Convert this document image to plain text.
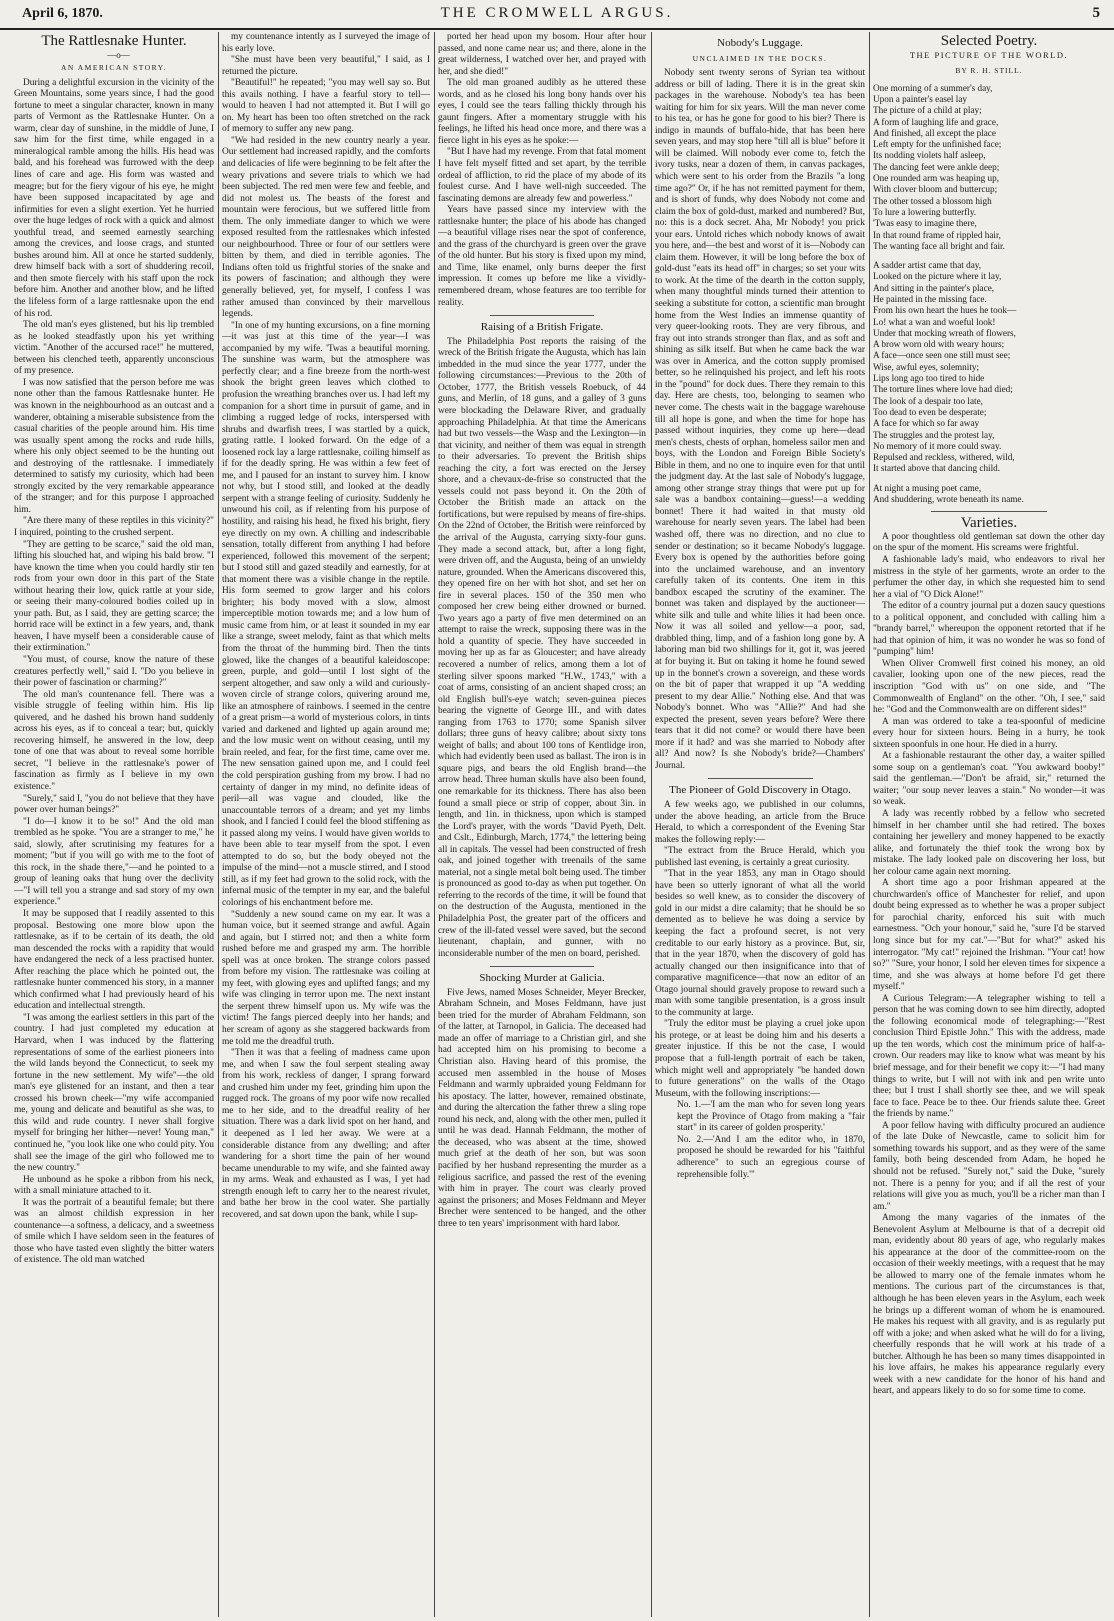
April 6, 1870.	THE CROMWELL ARGUS.	5
The Rattlesnake Hunter.

—o—

AN AMERICAN STORY.

During a delightful excursion in the vicinity of the Green Mountains, some years since, I had the good fortune to meet a singular character, known in many parts of Vermont as the Rattlesnake Hunter. On a warm, clear day of sunshine, in the middle of June, I saw him for the first time, while engaged in a mineralogical ramble among the hills. His head was bald, and his forehead was furrowed with the deep lines of care and age. His form was wasted and meagre; but for the fiery vigour of his eye, he might have been supposed incapacitated by age and infirmities for even a slight exertion. Yet he hurried over the huge ledges of rock with a quick and almost youthful tread, and seemed earnestly searching among the crevices, and loose crags, and stunted bushes around him. All at once he started suddenly, drew himself back with a sort of shuddering recoil, and then smote fiercely with his staff upon the rock before him. Another and another blow, and he lifted the lifeless form of a large rattlesnake upon the end of his rod.

The old man's eyes glistened, but his lip trembled as he looked steadfastly upon his yet writhing victim. "Another of the accursed race!" he muttered, between his clenched teeth, apparently unconscious of my presence.

I was now satisfied that the person before me was none other than the famous Rattlesnake hunter. He was known in the neighbourhood as an outcast and a wanderer, obtaining a miserable subsistence from the casual charities of the people around him. His time was usually spent among the rocks and rude hills, where his only object seemed to be the hunting out and destroying of the rattlesnake. I immediately determined to satisfy my curiosity, which had been strongly excited by the very remarkable appearance of the stranger; and for this purpose I approached him.

"Are there many of these reptiles in this vicinity?" I inquired, pointing to the crushed serpent.

"They are getting to be scarce," said the old man, lifting his slouched hat, and wiping his bald brow. "I have known the time when you could hardly stir ten rods from your own door in this part of the State without hearing their low, quick rattle at your side, or seeing their many-coloured bodies coiled up in your path. But, as I said, they are getting scarce; the horrid race will be extinct in a few years, and, thank heaven, I have myself been a considerable cause of their extirmination."

"You must, of course, know the nature of these creatures perfectly well," said I. "Do you believe in their power of fascination or charming?"

The old man's countenance fell. There was a visible struggle of feeling within him. His lip quivered, and he dashed his brown hand suddenly across his eyes, as if to conceal a tear; but, quickly recovering himself, he answered in the low, deep tone of one that was about to reveal some horrible secret, "I believe in the rattlesnake's power of fascination as firmly as I believe in my own existence."

"Surely," said I, "you do not believe that they have power over human beings?"

"I do—I know it to be so!" And the old man trembled as he spoke. "You are a stranger to me," he said, slowly, after scrutinising my features for a moment; "but if you will go with me to the foot of this rock, in the shade there,"—and he pointed to a group of leaning oaks that hung over the declivity—"I will tell you a strange and sad story of my own experience."

It may be supposed that I readily assented to this proposal. Bestowing one more blow upon the rattlesnake, as if to be certain of its death, the old man descended the rocks with a rapidity that would have endangered the neck of a less practised hunter. After reaching the place which he pointed out, the rattlesnake hunter commenced his story, in a manner which confirmed what I had previously heard of his education and intellectual strength.

"I was among the earliest settlers in this part of the country. I had just completed my education at Harvard, when I was induced by the flattering representations of some of the earliest pioneers into the wild lands beyond the Connecticut, to seek my fortune in the new settlement. My wife"—the old man's eye glistened for an instant, and then a tear crossed his brown cheek—"my wife accompanied me, young and delicate and beautiful as she was, to this wild and rude country. I never shall forgive myself for bringing her hither—never! Young man," continued he, "you look like one who could pity. You shall see the image of the girl who followed me to the new country."

He unbound as he spoke a ribbon from his neck, with a small miniature attached to it.

It was the portrait of a beautiful female; but there was an almost childish expression in her countenance—a softness, a delicacy, and a sweetness of smile which I have seldom seen in the features of those who have tasted even slightly the bitter waters of existence. The old man watched

my countenance intently as I surveyed the image of his early love.

"She must have been very beautiful," I said, as I returned the picture.

"Beautiful!" he repeated; "you may well say so. But this avails nothing. I have a fearful story to tell—would to heaven I had not attempted it. But I will go on. My heart has been too often stretched on the rack of memory to suffer any new pang.

"We had resided in the new country nearly a year. Our settlement had increased rapidly, and the comforts and delicacies of life were beginning to be felt after the weary privations and severe trials to which we had been subjected. The red men were few and feeble, and did not molest us. The beasts of the forest and mountain were ferocious, but we suffered little from them. The only immediate danger to which we were exposed resulted from the rattlesnakes which infested our neighbourhood. Three or four of our settlers were bitten by them, and died in terrible agonies. The Indians often told us frightful stories of the snake and its powers of fascination; and although they were generally believed, yet, for myself, I confess I was rather amused than convinced by their marvellous legends.

"In one of my hunting excursions, on a fine morning—it was just at this time of the year—I was accompanied by my wife. 'Twas a beautiful morning. The sunshine was warm, but the atmosphere was perfectly clear; and a fine breeze from the north-west shook the bright green leaves which clothed to profusion the wreathing branches over us. I had left my companion for a short time in pursuit of game, and in climbing a rugged ledge of rocks, interspersed with shrubs and dwarfish trees, I was startled by a quick, grating rattle. I looked forward. On the edge of a loosened rock lay a large rattlesnake, coiling himself as if for the deadly spring. He was within a few feet of me, and I paused for an instant to survey him. I know not why, but I stood still, and looked at the deadly serpent with a strange feeling of curiosity. Suddenly he unwound his coil, as if relenting from his purpose of hostility, and raising his head, he fixed his bright, fiery eye directly on my own. A chilling and indescribable sensation, totally different from anything I had before experienced, followed this movement of the serpent; but I stood still and gazed steadily and earnestly, for at that moment there was a visible change in the reptile. His form seemed to grow larger and his colors brighter; his body moved with a slow, almost imperceptible motion towards me; and a low hum of music came from him, or at least it sounded in my ear like a strange, sweet melody, faint as that which melts from the throat of the humming bird. Then the tints glowed, like the changes of a beautiful kaleidoscope: green, purple, and gold—until I lost sight of the serpent altogether, and saw only a wild and curiously-woven circle of strange colors, quivering around me, like an atmosphere of rainbows. I seemed in the centre of a great prism—a world of mysterious colors, in tints varied and darkened and lighted up again around me; and the low music went on without ceasing, until my brain reeled, and fear, for the first time, came over me. The new sensation gained upon me, and I could feel the cold perspiration gushing from my brow. I had no certainty of danger in my mind, no definite ideas of peril—all was vague and clouded, like the unaccountable terrors of a dream; and yet my limbs shook, and I fancied I could feel the blood stiffening as it passed along my veins. I would have given worlds to have been able to tear myself from the spot. I even attempted to do so, but the body obeyed not the impulse of the mind—not a muscle stirred, and I stood still, as if my feet had grown to the solid rock, with the infernal music of the tempter in my ear, and the baleful colorings of his enchantment before me.

"Suddenly a new sound came on my ear. It was a human voice, but it seemed strange and awful. Again and again, but I stirred not; and then a white form rushed before me and grasped my arm. The horrible spell was at once broken. The strange colors passed from before my vision. The rattlesnake was coiling at my feet, with glowing eyes and uplifted fangs; and my wife was clinging in terror upon me. The next instant the serpent threw himself upon us. My wife was the victim! The fangs pierced deeply into her hands; and her scream of agony as she staggered backwards from me told me the dreadful truth.

"Then it was that a feeling of madness came upon me, and when I saw the foul serpent stealing away from his work, reckless of danger, I sprang forward and crushed him under my feet, grinding him upon the rugged rock. The groans of my poor wife now recalled me to her side, and to the dreadful reality of her situation. There was a dark livid spot on her hand, and it deepened as I led her away. We were at a considerable distance from any dwelling; and after wandering for a short time the pain of her wound became unendurable to my wife, and she fainted away in my arms. Weak and exhausted as I was, I yet had strength enough left to carry her to the nearest rivulet, and bathe her brow in the cool water. She partially recovered, and sat down upon the bank, while I sup-

ported her head upon my bosom. Hour after hour passed, and none came near us; and there, alone in the great wilderness, I watched over her, and prayed with her, and she died!"

The old man groaned audibly as he uttered these words, and as he closed his long bony hands over his eyes, I could see the tears falling thickly through his gaunt fingers. After a momentary struggle with his feelings, he lifted his head once more, and there was a fierce light in his eyes as he spoke:—

"But I have had my revenge. From that fatal moment I have felt myself fitted and set apart, by the terrible ordeal of affliction, to rid the place of my abode of its foulest curse. And I have well-nigh succeeded. The fascinating demons are already few and powerless."

Years have passed since my interview with the rattlesnake hunter; the place of his abode has changed—a beautiful village rises near the spot of conference, and the grass of the churchyard is green over the grave of the old hunter. But his story is fixed upon my mind, and Time, like enamel, only burns deeper the first impression. It comes up before me like a vividly-remembered dream, whose features are too terrible for reality.

Raising of a British Frigate.

The Philadelphia Post reports the raising of the wreck of the British frigate the Augusta, which has lain imbedded in the mud since the year 1777, under the following circumstances:—Previous to the 20th of October, 1777, the British vessels Roebuck, of 44 guns, and Merlin, of 18 guns, and a galley of 3 guns were blockading the Delaware River, and gradually approaching Philadelphia. At that time the Americans had but two vessels—the Wasp and the Lexington—in that vicinity, and neither of them was equal in strength to their adversaries. To prevent the British ships reaching the city, a fort was erected on the Jersey shore, and a chevaux-de-frise so constructed that the vessels could not pass beyond it. On the 20th of October the British made an attack on the fortifications, but were repulsed by means of fire-ships. On the 22nd of October, the British were reinforced by the arrival of the Augusta, carrying sixty-four guns. They made a second attack, but, after a long fight, were driven off, and the Augusta, being of an unwieldy nature, grounded. When the Americans discovered this, they opened fire on her with hot shot, and set her on fire in several places. 150 of the 350 men who composed her crew being either drowned or burned. Two years ago a party of five men determined on an attempt to raise the wreck, supposing there was in the hold a quantity of specie. They have succeeded in moving her up as far as Gloucester; and have already recovered a number of relics, among them a lot of sterling silver spoons marked "H.W., 1743," with a coat of arms, consisting of an ancient shaped cross; an old English bull's-eye watch; seven-guinea pieces bearing the vignette of George III., and with dates ranging from 1763 to 1770; some Spanish silver dollars; three guns of heavy calibre; about sixty tons weight of balls; and about 100 tons of Kentlidge iron, which had evidently been used as ballast. The iron is in square pigs, and bears the old English brand—the arrow head. Three human skulls have also been found, one remarkable for its thickness. There has also been found a small piece or strip of copper, about 3in. in length, and 1in. in thickness, upon which is stamped the Lord's prayer, with the words "David Pyeth, Delt. and Cslt., Edinburgh, March, 1774," the lettering being all in capitals. The vessel had been constructed of fresh oak, and joined together with treenails of the same material, not a single metal bolt being used. The timber is pronounced as good to-day as when put together. On referring to the records of the time, it will be found that on the destruction of the Augusta, mentioned in the Philadelphia Post, the greater part of the officers and crew of the ill-fated vessel were saved, but the second lieutenant, chaplain, and gunner, with no inconsiderable number of the men on board, perished.

Shocking Murder at Galicia.

Five Jews, named Moses Schneider, Meyer Brecker, Abraham Schnein, and Moses Feldmann, have just been tried for the murder of Abraham Feldmann, son of the latter, at Tarnopol, in Galicia. The deceased had made an offer of marriage to a Christian girl, and she had accepted him on his promising to become a Christian also. Having heard of this promise, the accused men assembled in the house of Moses Feldmann and warmly upbraided young Feldmann for his apostacy. The latter, however, remained obstinate, and during the altercation the father threw a sling rope round his neck, and, along with the other men, pulled it until he was dead. Hannah Feldmann, the mother of the deceased, who was absent at the time, showed much grief at the death of her son, but was soon pacified by her husband representing the murder as a religious sacrifice, and passed the rest of the evening with him in prayer. The court was clearly proved against the prisoners; and Moses Feldmann and Meyer Brecher were sentenced to be hanged, and the other three to ten years' imprisonment with hard labor.

Nobody's Luggage.
UNCLAIMED IN THE DOCKS.

Nobody sent twenty serons of Syrian tea without address or bill of lading. There it is in the great skin packages in the warehouse. Nobody's tea has been waiting for him for six years. Will the man never come to his tea, or has he gone for good to his bier? There is indigo in maunds of buffalo-hide, that has been here seven years, and may stop here "till all is blue" before it will be claimed. Will nobody ever come to, fetch the ivory tusks, near a dozen of them, in canvas packages, which were sent to his order from the Brazils "a long time ago?" Or, if he has not remitted payment for them, and is short of funds, why does Nobody not come and claim the box of gold-dust, marked and numbered? But, no: this is a dock secret. Aha, Mr Nobody! you prick your ears. Untold riches which nobody knows of await you here, and—the best and worst of it is—Nobody can claim them. However, it will be long before the box of gold-dust "eats its head off" in charges; so set your wits to work. At the time of the dearth in the cotton supply, when many thoughtful minds turned their attention to seeking a substitute for cotton, a scientific man brought home from the West Indies an immense quantity of very queer-looking roots. They are very fibrous, and fray out into strands stronger than flax, and as soft and shining as silk itself. But when he came back the war was over in America, and the cotton supply promised better, so he relinquished his project, and left his roots in the "pound" for dock dues. There they remain to this day. Here are chests, too, belonging to seamen who never come. The chests wait in the baggage warehouse till all hope is gone, and when the time for hope has passed without inquiries, they come up here—dead men's chests, chests of orphan, homeless sailor men and boys, with the London and Foreign Bible Society's Bible in them, and no one to inquire even for that until the judgment day. At the last sale of Nobody's luggage, among other strange stray things that were put up for sale was a bandbox containing—guess!—a wedding bonnet! There it had waited in that musty old warehouse for nearly seven years. The label had been washed off, there was no direction, and no clue to sender or destination; so it became Nobody's luggage. Every box is opened by the authorities before going into the unclaimed warehouse, and an inventory carefully taken of its contents. One item in this bandbox escaped the scrutiny of the examiner. The bonnet was taken and displayed by the auctioneer—white silk and tulle and white lilies it had been once. Now it was all soiled and yellow—a poor, sad, drabbled thing, limp, and of a fashion long gone by. A laboring man bid two shillings for it, got it, was jeered at for buying it. But on taking it home he found sewed up in the bonnet's crown a sovereign, and these words on the bit of paper that wrapped it up "A wedding present to my dear Allie." Nothing else. And that was Nobody's bonnet. Who was "Allie?" And had she expected the present, seven years before? Were there tears that it did not come? or would there have been more if it had? and was she married to Nobody after all? And now? Is she Nobody's bride?—Chambers' Journal.

The Pioneer of Gold Discovery in Otago.

A few weeks ago, we published in our columns, under the above heading, an article from the Bruce Herald, to which a correspondent of the Evening Star makes the following reply:—

"The extract from the Bruce Herald, which you published last evening, is certainly a great curiosity.

"That in the year 1853, any man in Otago should have been so utterly ignorant of what all the world besides so well knew, as to consider the discovery of gold in our midst a dire calamity; that he should be so demented as to believe he was doing a service by keeping the fact a profound secret, is not very creditable to our early history as a province. But, sir, that in the year 1870, when the discovery of gold has actually changed our then insignificance into that of comparative magnificence—that now an editor of an Otago journal should gravely propose to reward such a man with some tangible presentation, is a gross insult to the community at large.

"Truly the editor must be playing a cruel joke upon his protege, or at least be doing him and his deserts a greater injustice. If this be not the case, I would propose that a full-length portrait of each be taken, which might well and appropriately "be handed down to future generations" on the walls of the Otago Museum, with the following inscriptions:—

No. 1.—'I am the man who for seven long years kept the Province of Otago from making a "fair start" in its career of golden prosperity.'

No. 2.—'And I am the editor who, in 1870, proposed he should be rewarded for his "faithful adherence" to such an egregious course of reprehensible folly.'"

Selected Poetry.
THE PICTURE OF THE WORLD.
BY R. H. STILL.
One morning of a summer's day,
Upon a painter's easel lay
The picture of a child at play;
A form of laughing life and grace,
And finished, all except the place
Left empty for the unfinished face;
Its nodding violets half asleep,
The dancing feet were ankle deep;
One rounded arm was heaping up,
With clover bloom and buttercup;
The other tossed a blossom high
To lure a lowering butterfly.
'Twas easy to imagine there,
In that round frame of rippled hair,
The wanting face all bright and fair.
A sadder artist came that day,
Looked on the picture where it lay,
And sitting in the painter's place,
He painted in the missing face.
From his own heart the hues he took—
Lo! what a wan and woeful look!
Under that mocking wreath of flowers,
A brow worn old with weary hours;
A face—once seen one still must see;
Wise, awful eyes, solemnity;
Lips long ago too tired to hide
The torture lines where love had died;
The look of a despair too late,
Too dead to even be desperate;
A face for which so far away
The struggles and the protest lay,
No memory of it more could sway.
Repulsed and reckless, withered, wild,
It started above that dancing child.
At night a musing poet came,
And shuddering, wrote beneath its name.
Varieties.

A poor thoughtless old gentleman sat down the other day on the spur of the moment. His screams were frightful.

A fashionable lady's maid, who endeavors to rival her mistress in the style of her garments, wrote an order to the perfumer the other day, in which she requested him to send her a vial of "O Dick Alone!"

The editor of a country journal put a dozen saucy questions to a political opponent, and concluded with calling him a "brandy barrel," whereupon the opponent retorted that if he had that opinion of him, it was no wonder he was so fond of "pumping" him!

When Oliver Cromwell first coined his money, an old cavalier, looking upon one of the new pieces, read the inscription "God with us" on one side, and "The Commonwealth of England" on the other. "Oh, I see," said he: "God and the Commonwealth are on different sides!"

A man was ordered to take a tea-spoonful of medicine every hour for sixteen hours. Being in a hurry, he took sixteen spoonfuls in one hour. He died in a hurry.

At a fashionable restaurant the other day, a waiter spilled some soup on a gentleman's coat. "You awkward booby!" said the gentleman.—"Don't be afraid, sir," returned the waiter; "our soup never leaves a stain." No wonder—it was so weak.

A lady was recently robbed by a fellow who secreted himself in her chamber until she had retired. The boxes containing her jewellery and money happened to be exactly alike, and fortunately the thief took the wrong box by mistake. The lady looked pale on discovering her loss, but her colour came again next morning.

A short time ago a poor Irishman appeared at the churchwarden's office of Manchester for relief, and upon doubt being expressed as to whether he was a proper subject for parochial charity, enforced his suit with much earnestness. "Och your honour," said he, "sure I'd be starved long since but for my cat."—"But for what?" asked his interrogator. "My cat!" rejoined the Irishman. "Your cat! how so?" "Sure, your honor, I sold her eleven times for sixpence a time, and she was always at home before I'd get there myself."

A Curious Telegram:—A telegrapher wishing to tell a person that he was coming down to see him directly, adopted the following economical mode of telegraphing:—"Rest conclusion Third Epistle John." This with the address, made up the ten words, which cost the minimum price of half-a-crown. Our readers may like to know what was meant by his brief message, and for their benefit we copy it:—"I had many things to write, but I will not with ink and pen write unto thee; but I trust I shall shortly see thee, and we will speak face to face. Peace be to thee. Our friends salute thee. Greet the friends by name."

A poor fellow having with difficulty procured an audience of the late Duke of Newcastle, came to solicit him for something towards his support, and as they were of the same family, both being descended from Adam, he hoped he should not be refused. "Surely not," said the Duke, "surely not. There is a penny for you; and if all the rest of your relations will give you as much, you'll be a richer man than I am."

Among the many vagaries of the inmates of the Benevolent Asylum at Melbourne is that of a decrepit old man, evidently about 80 years of age, who regularly makes his appearance at the door of the committee-room on the occasion of their weekly meetings, with a request that he may be allowed to marry one of the female inmates whom he mentions. The curious part of the circumstances is that, although he has been eleven years in the Asylum, each week he brings up a different woman of whom he is enamoured. He makes his request with all gravity, and is as regularly put off with a joke; and when asked what he will do for a living, cheerfully responds that he will work at his trade of a butcher. Although he has been so many times disappointed in his love affairs, he makes his appearance regularly every week with a new candidate for the honor of his hand and heart, and appears likely to do so for some time to come.
